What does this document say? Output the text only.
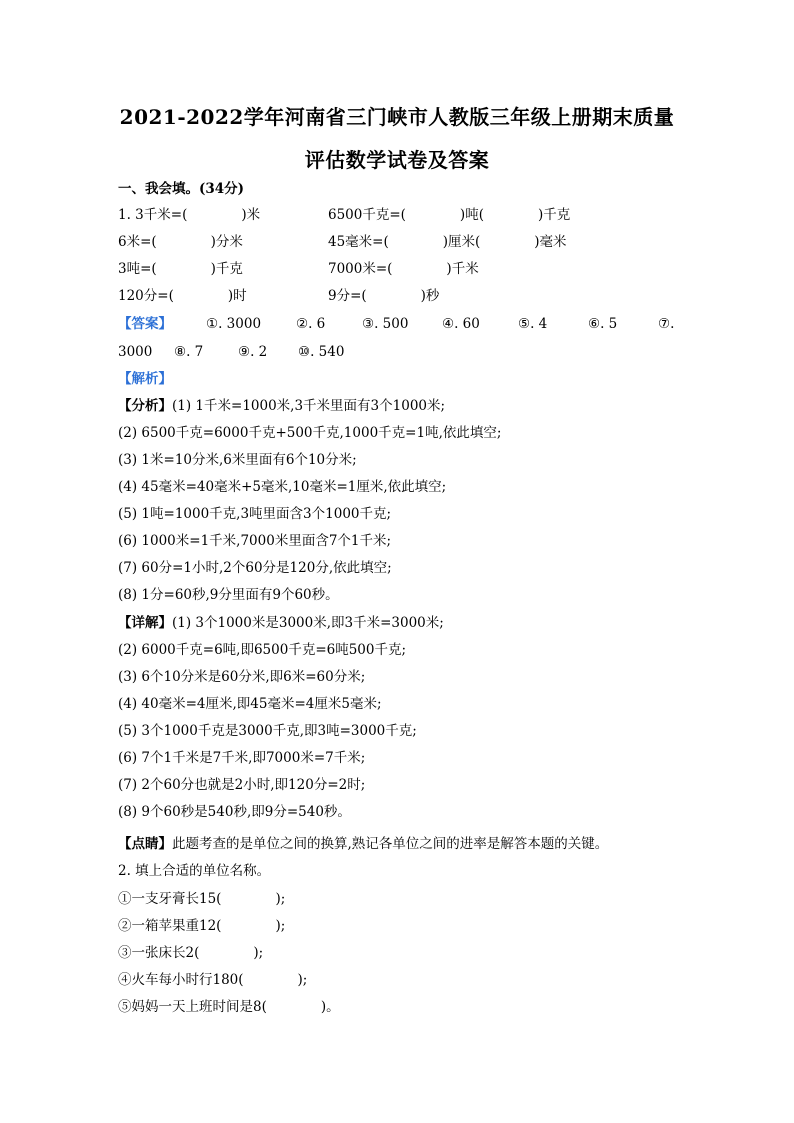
2021-2022学年河南省三门峡市人教版三年级上册期末质量
评估数学试卷及答案
一、我会填。(34分)
1. 3千米=(　　　　)米	6500千克=(　　　　)吨(　　　　)千克
6米=(　　　　)分米	45毫米=(　　　　)厘米(　　　　)毫米
3吨=(　　　　)千克	7000米=(　　　　)千米
120分=(　　　　)时	9分=(　　　　)秒
【答案】	①. 3000	②. 6	③. 500 ④. 60	⑤. 4	⑥. 5	⑦.
3000 ⑧. 7	⑨. 2 ⑩. 540
【解析】
【分析】(1) 1千米=1000米,3千米里面有3个1000米;
(2) 6500千克=6000千克+500千克,1000千克=1吨,依此填空;
(3) 1米=10分米,6米里面有6个10分米;
(4) 45毫米=40毫米+5毫米,10毫米=1厘米,依此填空;
(5) 1吨=1000千克,3吨里面含3个1000千克;
(6) 1000米=1千米,7000米里面含7个1千米;
(7) 60分=1小时,2个60分是120分,依此填空;
(8) 1分=60秒,9分里面有9个60秒。
【详解】(1) 3个1000米是3000米,即3千米=3000米;
(2) 6000千克=6吨,即6500千克=6吨500千克;
(3) 6个10分米是60分米,即6米=60分米;
(4) 40毫米=4厘米,即45毫米=4厘米5毫米;
(5) 3个1000千克是3000千克,即3吨=3000千克;
(6) 7个1千米是7千米,即7000米=7千米;
(7) 2个60分也就是2小时,即120分=2时;
(8) 9个60秒是540秒,即9分=540秒。
【点睛】此题考查的是单位之间的换算,熟记各单位之间的进率是解答本题的关键。
2. 填上合适的单位名称。
①一支牙膏长15(　　　　);
②一箱苹果重12(　　　　);
③一张床长2(　　　　);
④火车每小时行180(　　　　);
⑤妈妈一天上班时间是8(　　　　)。
